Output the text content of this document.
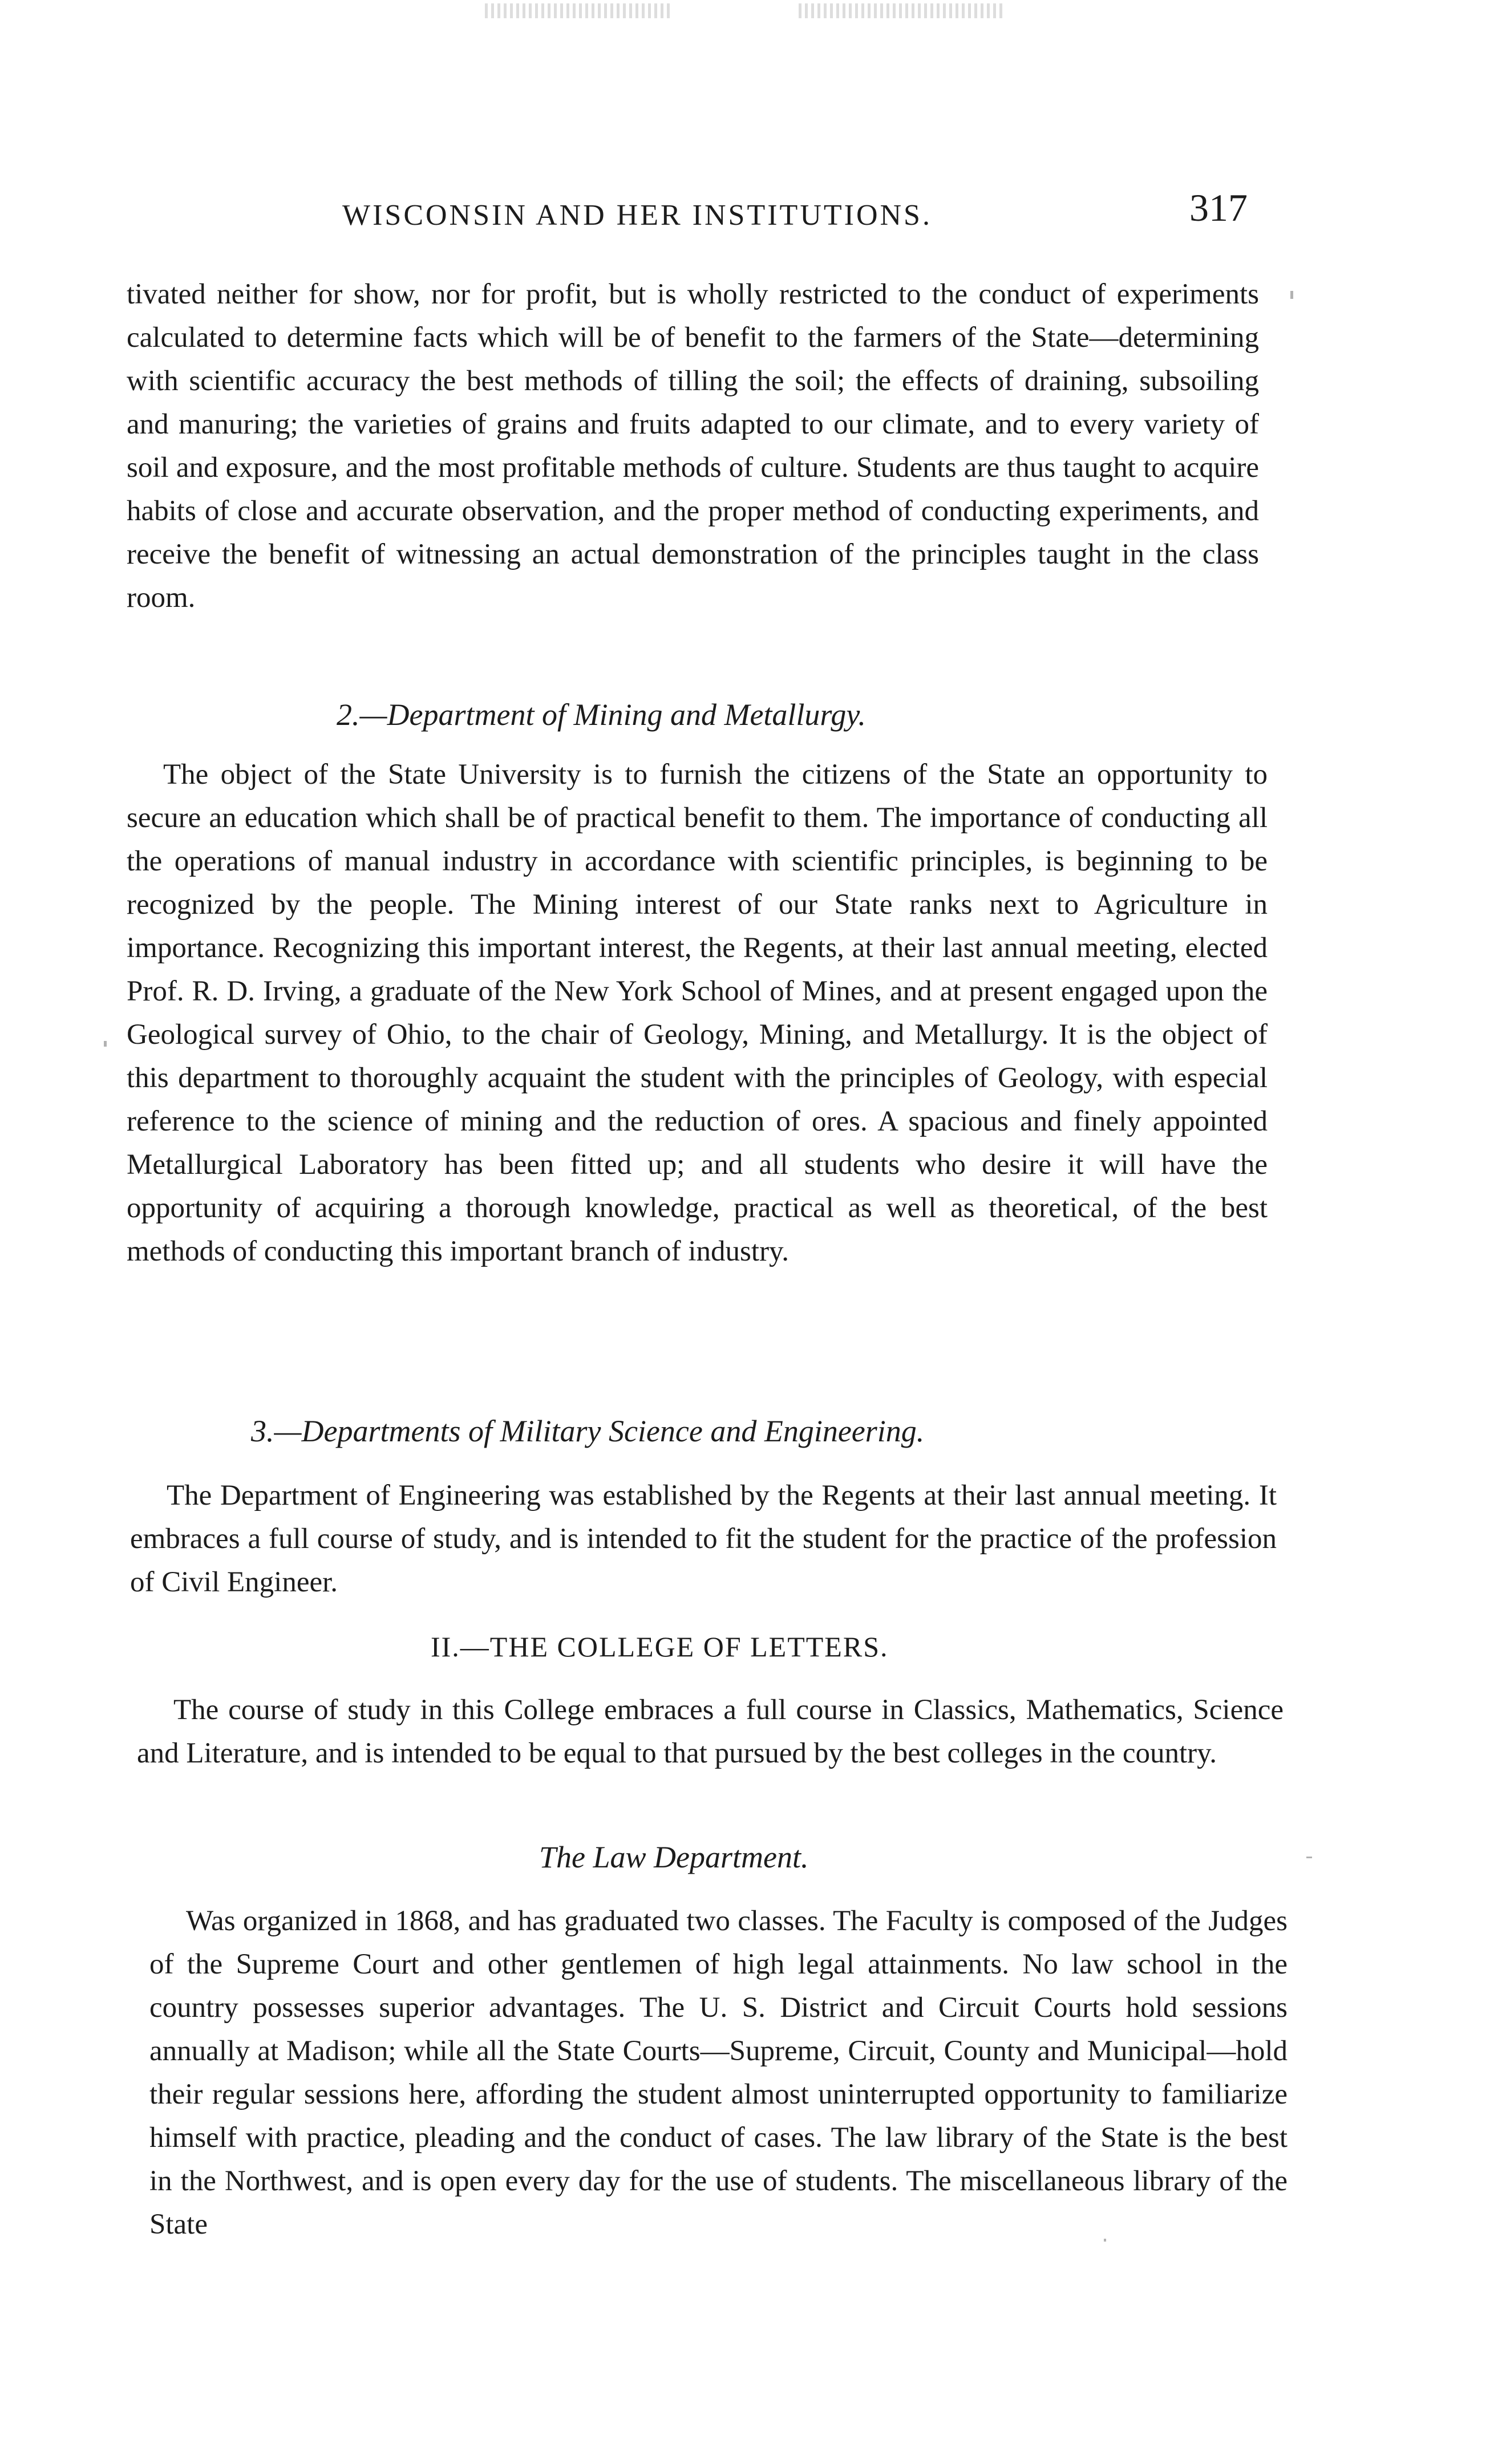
WISCONSIN AND HER INSTITUTIONS.	317

tivated neither for show, nor for profit, but is wholly restricted to the conduct of experiments calculated to determine facts which will be of benefit to the farmers of the State—determining with scientific accuracy the best methods of tilling the soil; the effects of draining, subsoiling and manuring; the varieties of grains and fruits adapted to our climate, and to every variety of soil and exposure, and the most profitable methods of culture. Students are thus taught to acquire habits of close and accurate observation, and the proper method of conducting experiments, and receive the benefit of witnessing an actual demonstration of the principles taught in the class room.

2.—Department of Mining and Metallurgy.

The object of the State University is to furnish the citizens of the State an opportunity to secure an education which shall be of practical benefit to them. The importance of conducting all the operations of manual industry in accordance with scientific principles, is beginning to be recognized by the people. The Mining interest of our State ranks next to Agriculture in importance. Recognizing this important interest, the Regents, at their last annual meeting, elected Prof. R. D. Irving, a graduate of the New York School of Mines, and at present engaged upon the Geological survey of Ohio, to the chair of Geology, Mining, and Metallurgy. It is the object of this department to thoroughly acquaint the student with the principles of Geology, with especial reference to the science of mining and the reduction of ores. A spacious and finely appointed Metallurgical Laboratory has been fitted up; and all students who desire it will have the opportunity of acquiring a thorough knowledge, practical as well as theoretical, of the best methods of conducting this important branch of industry.

3.—Departments of Military Science and Engineering.

The Department of Engineering was established by the Regents at their last annual meeting. It embraces a full course of study, and is intended to fit the student for the practice of the profession of Civil Engineer.

II.—THE COLLEGE OF LETTERS.

The course of study in this College embraces a full course in Classics, Mathematics, Science and Literature, and is intended to be equal to that pursued by the best colleges in the country.

The Law Department.

Was organized in 1868, and has graduated two classes. The Faculty is composed of the Judges of the Supreme Court and other gentlemen of high legal attainments. No law school in the country possesses superior advantages. The U. S. District and Circuit Courts hold sessions annually at Madison; while all the State Courts—Supreme, Circuit, County and Municipal—hold their regular sessions here, affording the student almost uninterrupted opportunity to familiarize himself with practice, pleading and the conduct of cases. The law library of the State is the best in the Northwest, and is open every day for the use of students. The miscellaneous library of the State
